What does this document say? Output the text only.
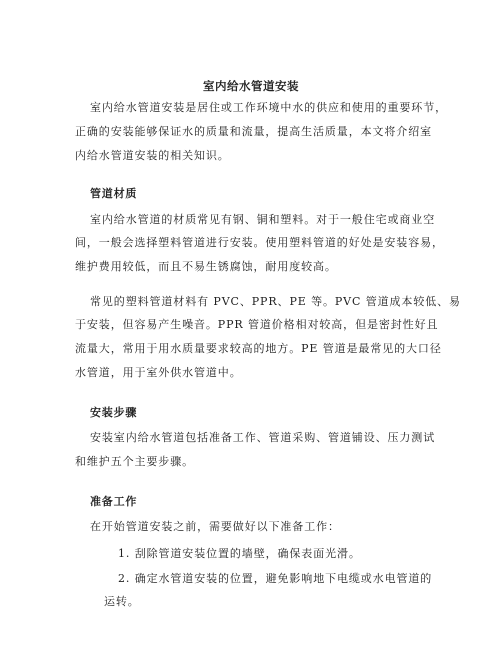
室内给水管道安装
室内给水管道安装是居住或工作环境中水的供应和使用的重要环节，
正确的安装能够保证水的质量和流量，提高生活质量，本文将介绍室
内给水管道安装的相关知识。
管道材质
室内给水管道的材质常见有钢、铜和塑料。对于一般住宅或商业空
间，一般会选择塑料管道进行安装。使用塑料管道的好处是安装容易，
维护费用较低，而且不易生锈腐蚀，耐用度较高。
常见的塑料管道材料有 PVC、PPR、PE 等。PVC 管道成本较低、易
于安装，但容易产生噪音。PPR 管道价格相对较高，但是密封性好且
流量大，常用于用水质量要求较高的地方。PE 管道是最常见的大口径
水管道，用于室外供水管道中。
安装步骤
安装室内给水管道包括准备工作、管道采购、管道铺设、压力测试
和维护五个主要步骤。
准备工作
在开始管道安装之前，需要做好以下准备工作：
1. 刮除管道安装位置的墙壁，确保表面光滑。
2. 确定水管道安装的位置，避免影响地下电缆或水电管道的
运转。
